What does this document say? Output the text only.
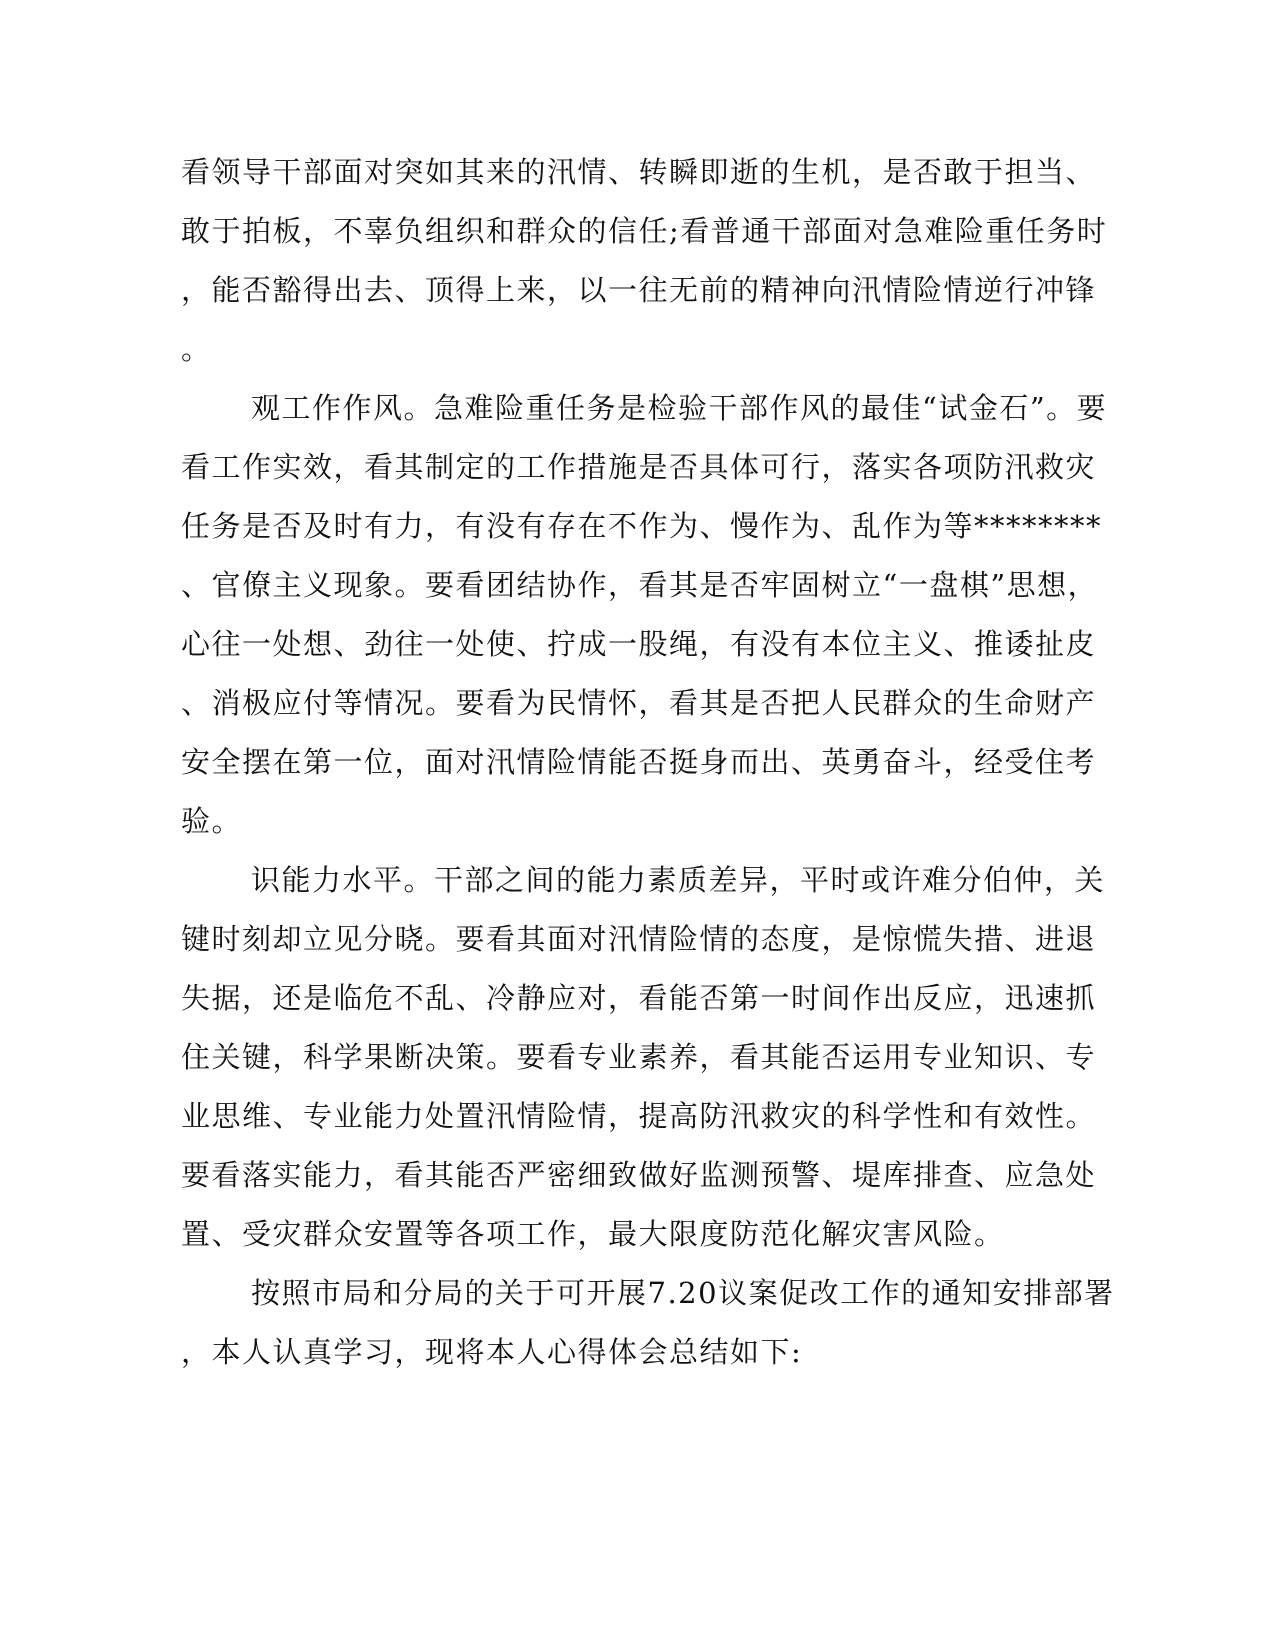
看领导干部面对突如其来的汛情、转瞬即逝的生机，是否敢于担当、

敢于拍板，不辜负组织和群众的信任;看普通干部面对急难险重任务时

，能否豁得出去、顶得上来，以一往无前的精神向汛情险情逆行冲锋

。

观工作作风。急难险重任务是检验干部作风的最佳“试金石”。要

看工作实效，看其制定的工作措施是否具体可行，落实各项防汛救灾

任务是否及时有力，有没有存在不作为、慢作为、乱作为等********

、官僚主义现象。要看团结协作，看其是否牢固树立“一盘棋”思想，

心往一处想、劲往一处使、拧成一股绳，有没有本位主义、推诿扯皮

、消极应付等情况。要看为民情怀，看其是否把人民群众的生命财产

安全摆在第一位，面对汛情险情能否挺身而出、英勇奋斗，经受住考

验。

识能力水平。干部之间的能力素质差异，平时或许难分伯仲，关

键时刻却立见分晓。要看其面对汛情险情的态度，是惊慌失措、进退

失据，还是临危不乱、冷静应对，看能否第一时间作出反应，迅速抓

住关键，科学果断决策。要看专业素养，看其能否运用专业知识、专

业思维、专业能力处置汛情险情，提高防汛救灾的科学性和有效性。

要看落实能力，看其能否严密细致做好监测预警、堤库排查、应急处

置、受灾群众安置等各项工作，最大限度防范化解灾害风险。

按照市局和分局的关于可开展7.20议案促改工作的通知安排部署

，本人认真学习，现将本人心得体会总结如下:
